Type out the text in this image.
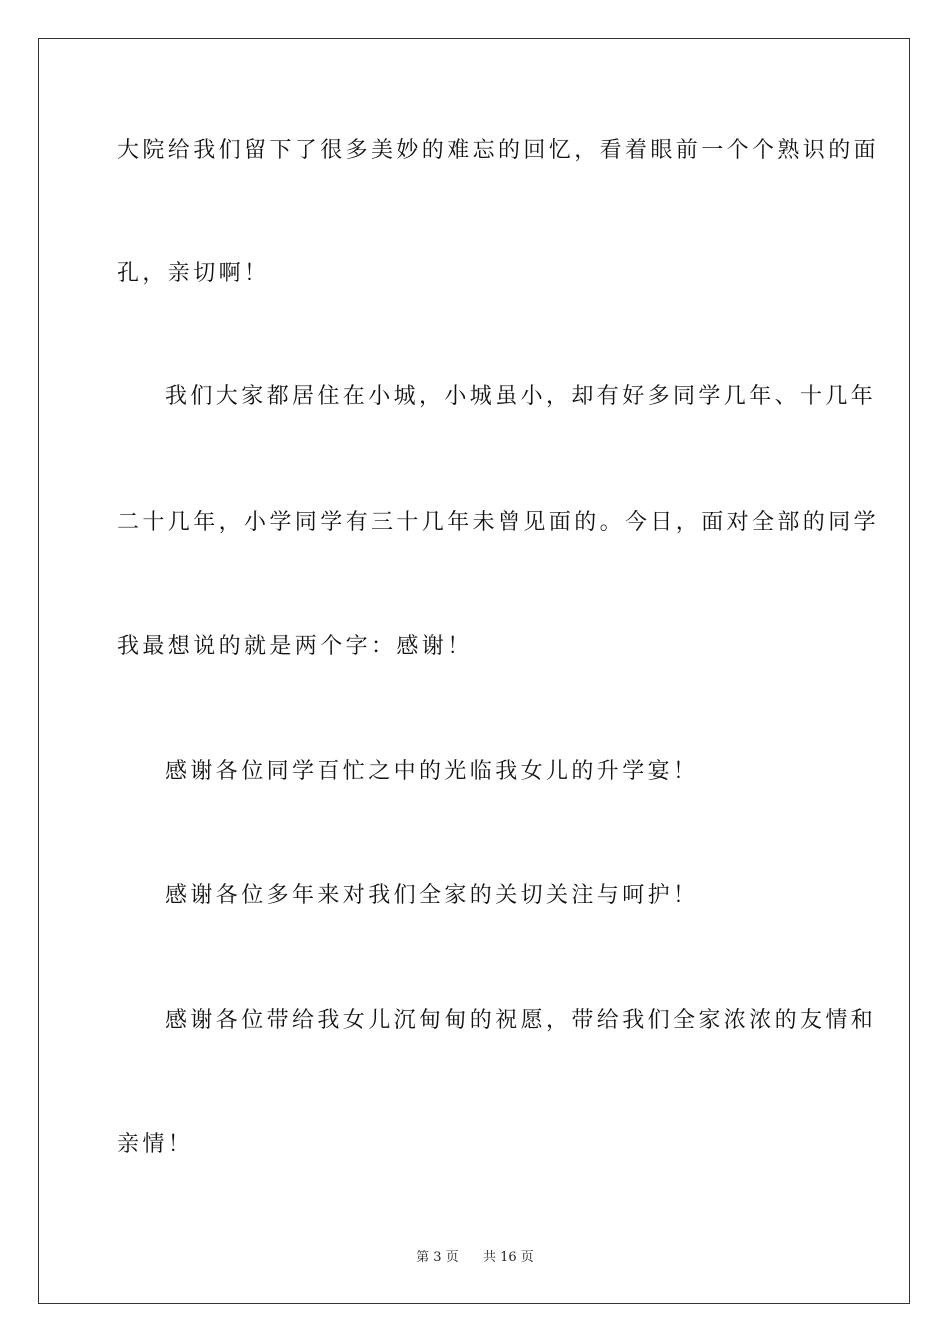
大院给我们留下了很多美妙的难忘的回忆，看着眼前一个个熟识的面
孔，亲切啊！
我们大家都居住在小城，小城虽小，却有好多同学几年、十几年
二十几年，小学同学有三十几年未曾见面的。今日，面对全部的同学
我最想说的就是两个字：感谢！
感谢各位同学百忙之中的光临我女儿的升学宴！
感谢各位多年来对我们全家的关切关注与呵护！
感谢各位带给我女儿沉甸甸的祝愿，带给我们全家浓浓的友情和
亲情！
第 3 页 共 16 页
